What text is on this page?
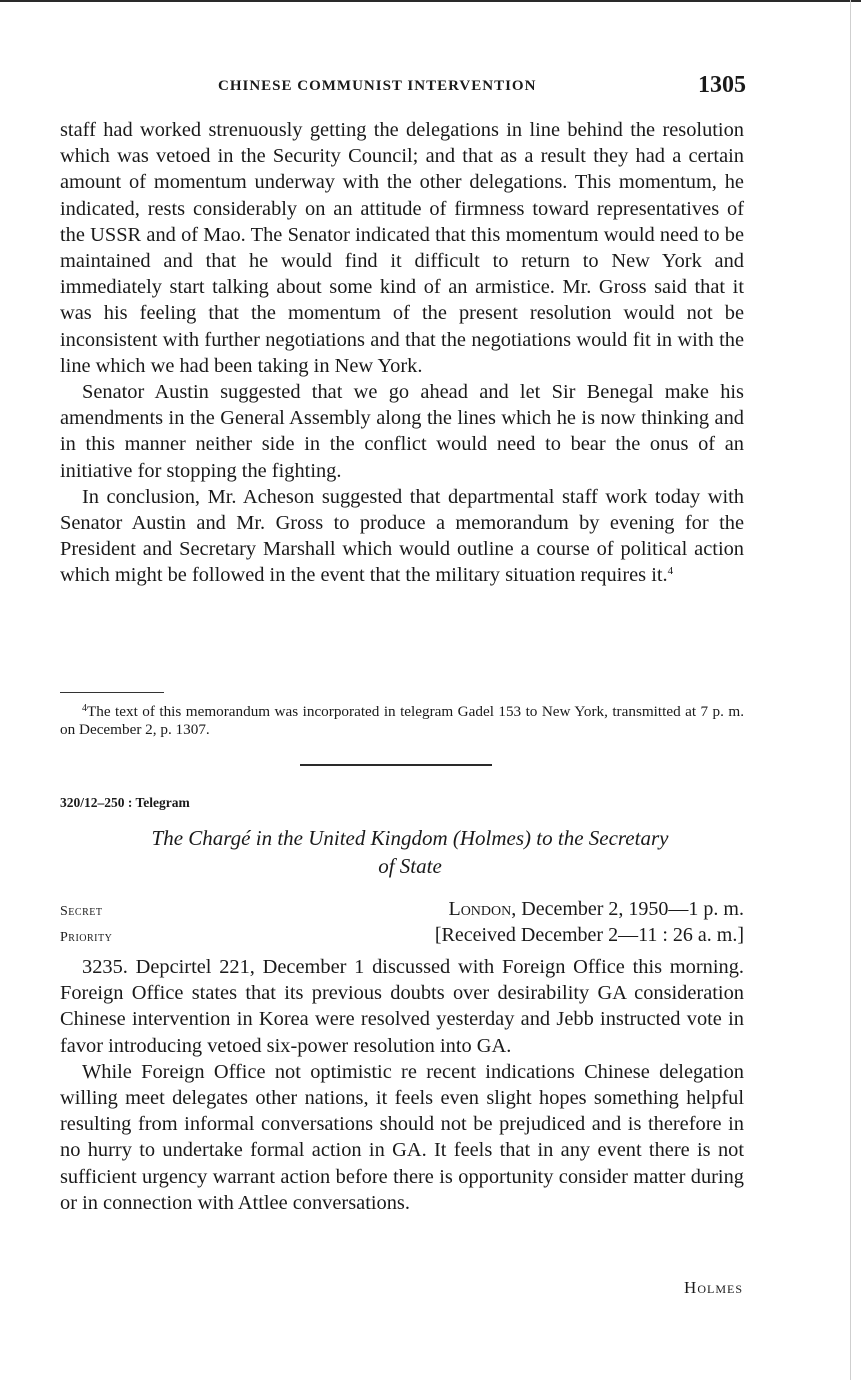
CHINESE COMMUNIST INTERVENTION	1305

staff had worked strenuously getting the delegations in line behind the resolution which was vetoed in the Security Council; and that as a result they had a certain amount of momentum underway with the other delegations. This momentum, he indicated, rests considerably on an attitude of firmness toward representatives of the USSR and of Mao. The Senator indicated that this momentum would need to be maintained and that he would find it difficult to return to New York and immediately start talking about some kind of an armistice. Mr. Gross said that it was his feeling that the momentum of the present resolution would not be inconsistent with further negotiations and that the negotiations would fit in with the line which we had been taking in New York.

Senator Austin suggested that we go ahead and let Sir Benegal make his amendments in the General Assembly along the lines which he is now thinking and in this manner neither side in the conflict would need to bear the onus of an initiative for stopping the fighting.

In conclusion, Mr. Acheson suggested that departmental staff work today with Senator Austin and Mr. Gross to produce a memorandum by evening for the President and Secretary Marshall which would outline a course of political action which might be followed in the event that the military situation requires it.$^4$

$^4$The text of this memorandum was incorporated in telegram Gadel 153 to New York, transmitted at 7 p. m. on December 2, p. 1307.
320/12–250 : Telegram
The Chargé in the United Kingdom (Holmes) to the Secretary
of State
Secret	London, December 2, 1950—1 p. m.
Priority	[Received December 2—11 : 26 a. m.]

3235. Depcirtel 221, December 1 discussed with Foreign Office this morning. Foreign Office states that its previous doubts over desirability GA consideration Chinese intervention in Korea were resolved yesterday and Jebb instructed vote in favor introducing vetoed six-power resolution into GA.

While Foreign Office not optimistic re recent indications Chinese delegation willing meet delegates other nations, it feels even slight hopes something helpful resulting from informal conversations should not be prejudiced and is therefore in no hurry to undertake formal action in GA. It feels that in any event there is not sufficient urgency warrant action before there is opportunity consider matter during or in connection with Attlee conversations.

Holmes
